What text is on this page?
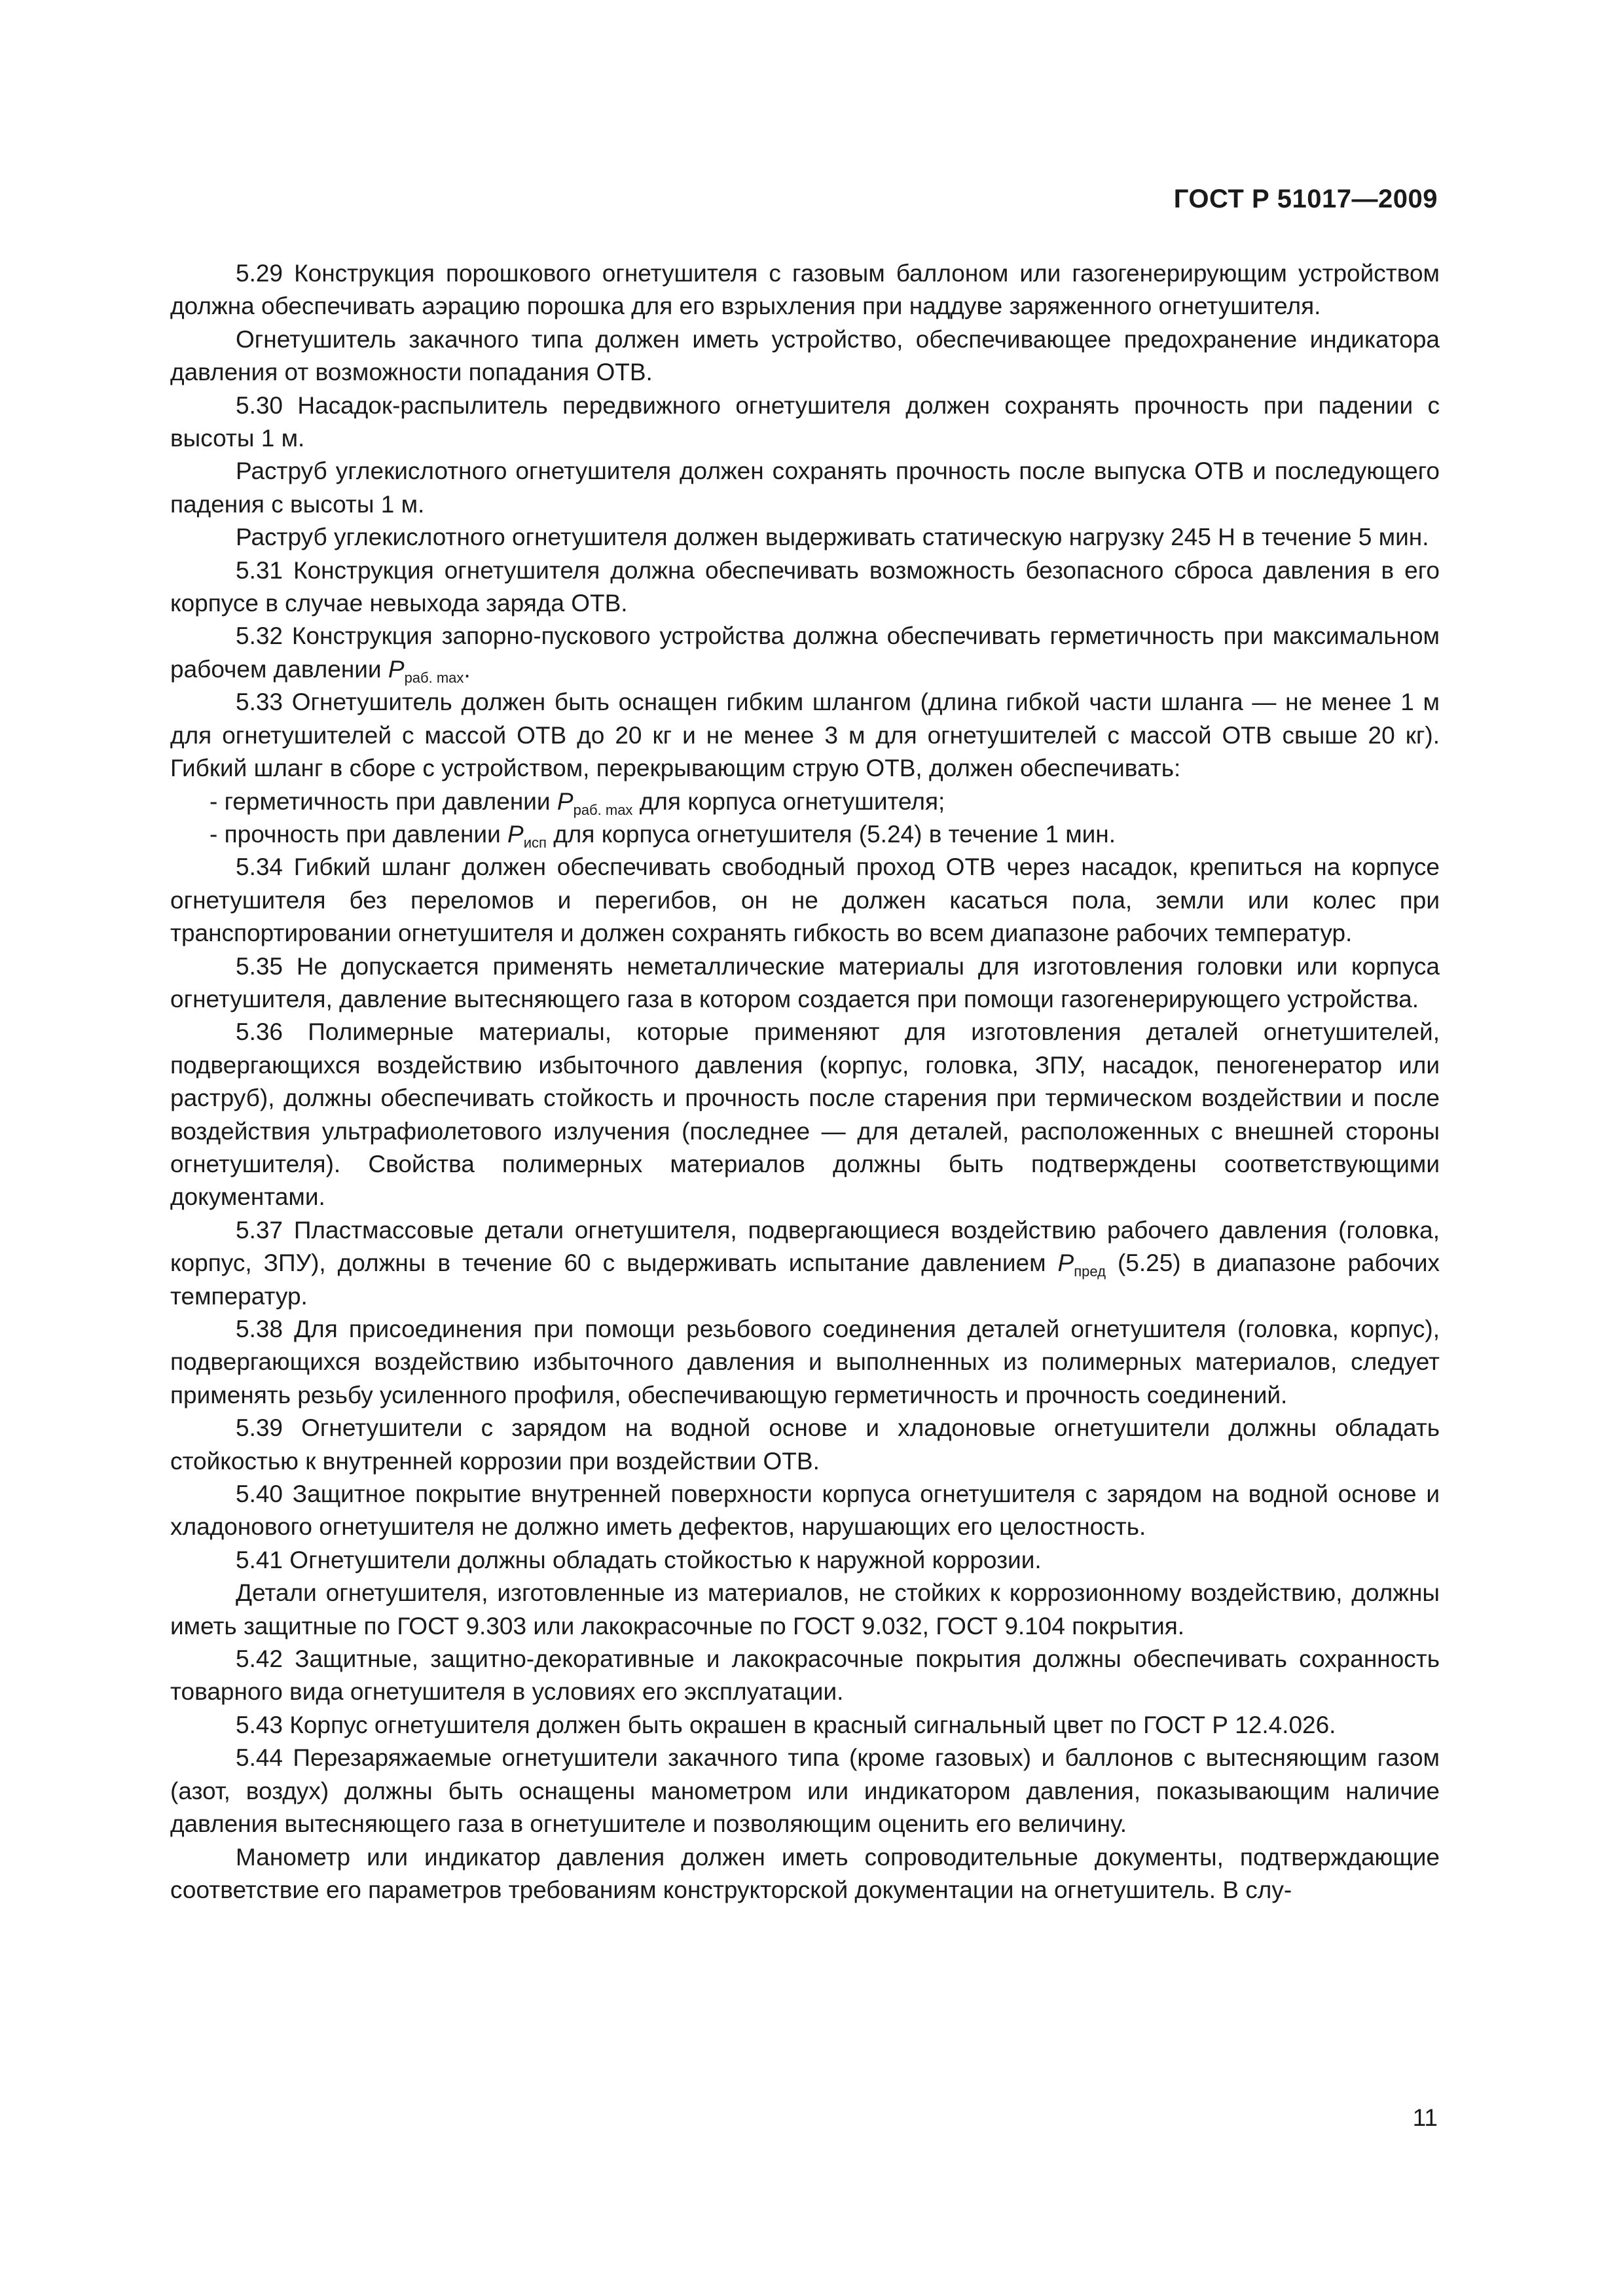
ГОСТ Р 51017—2009

5.29 Конструкция порошкового огнетушителя с газовым баллоном или газогенерирующим устройством должна обеспечивать аэрацию порошка для его взрыхления при наддуве заряженного огнетушителя.

Огнетушитель закачного типа должен иметь устройство, обеспечивающее предохранение индикатора давления от возможности попадания ОТВ.

5.30 Насадок-распылитель передвижного огнетушителя должен сохранять прочность при падении с высоты 1 м.

Раструб углекислотного огнетушителя должен сохранять прочность после выпуска ОТВ и последующего падения с высоты 1 м.

Раструб углекислотного огнетушителя должен выдерживать статическую нагрузку 245 Н в течение 5 мин.

5.31 Конструкция огнетушителя должна обеспечивать возможность безопасного сброса давления в его корпусе в случае невыхода заряда ОТВ.

5.32 Конструкция запорно-пускового устройства должна обеспечивать герметичность при максимальном рабочем давлении $P_{раб. max}$.

5.33 Огнетушитель должен быть оснащен гибким шлангом (длина гибкой части шланга — не менее 1 м для огнетушителей с массой ОТВ до 20 кг и не менее 3 м для огнетушителей с массой ОТВ свыше 20 кг). Гибкий шланг в сборе с устройством, перекрывающим струю ОТВ, должен обеспечивать:

- герметичность при давлении $P_{раб. max}$ для корпуса огнетушителя;

- прочность при давлении $P_{исп}$ для корпуса огнетушителя (5.24) в течение 1 мин.

5.34 Гибкий шланг должен обеспечивать свободный проход ОТВ через насадок, крепиться на корпусе огнетушителя без переломов и перегибов, он не должен касаться пола, земли или колес при транспортировании огнетушителя и должен сохранять гибкость во всем диапазоне рабочих температур.

5.35 Не допускается применять неметаллические материалы для изготовления головки или корпуса огнетушителя, давление вытесняющего газа в котором создается при помощи газогенерирующего устройства.

5.36 Полимерные материалы, которые применяют для изготовления деталей огнетушителей, подвергающихся воздействию избыточного давления (корпус, головка, ЗПУ, насадок, пеногенератор или раструб), должны обеспечивать стойкость и прочность после старения при термическом воздействии и после воздействия ультрафиолетового излучения (последнее — для деталей, расположенных с внешней стороны огнетушителя). Свойства полимерных материалов должны быть подтверждены соответствующими документами.

5.37 Пластмассовые детали огнетушителя, подвергающиеся воздействию рабочего давления (головка, корпус, ЗПУ), должны в течение 60 с выдерживать испытание давлением $P_{пред}$ (5.25) в диапазоне рабочих температур.

5.38 Для присоединения при помощи резьбового соединения деталей огнетушителя (головка, корпус), подвергающихся воздействию избыточного давления и выполненных из полимерных материалов, следует применять резьбу усиленного профиля, обеспечивающую герметичность и прочность соединений.

5.39 Огнетушители с зарядом на водной основе и хладоновые огнетушители должны обладать стойкостью к внутренней коррозии при воздействии ОТВ.

5.40 Защитное покрытие внутренней поверхности корпуса огнетушителя с зарядом на водной основе и хладонового огнетушителя не должно иметь дефектов, нарушающих его целостность.

5.41 Огнетушители должны обладать стойкостью к наружной коррозии.

Детали огнетушителя, изготовленные из материалов, не стойких к коррозионному воздействию, должны иметь защитные по ГОСТ 9.303 или лакокрасочные по ГОСТ 9.032, ГОСТ 9.104 покрытия.

5.42 Защитные, защитно-декоративные и лакокрасочные покрытия должны обеспечивать сохранность товарного вида огнетушителя в условиях его эксплуатации.

5.43 Корпус огнетушителя должен быть окрашен в красный сигнальный цвет по ГОСТ Р 12.4.026.

5.44 Перезаряжаемые огнетушители закачного типа (кроме газовых) и баллонов с вытесняющим газом (азот, воздух) должны быть оснащены манометром или индикатором давления, показывающим наличие давления вытесняющего газа в огнетушителе и позволяющим оценить его величину.

Манометр или индикатор давления должен иметь сопроводительные документы, подтверждающие соответствие его параметров требованиям конструкторской документации на огнетушитель. В слу-

11
